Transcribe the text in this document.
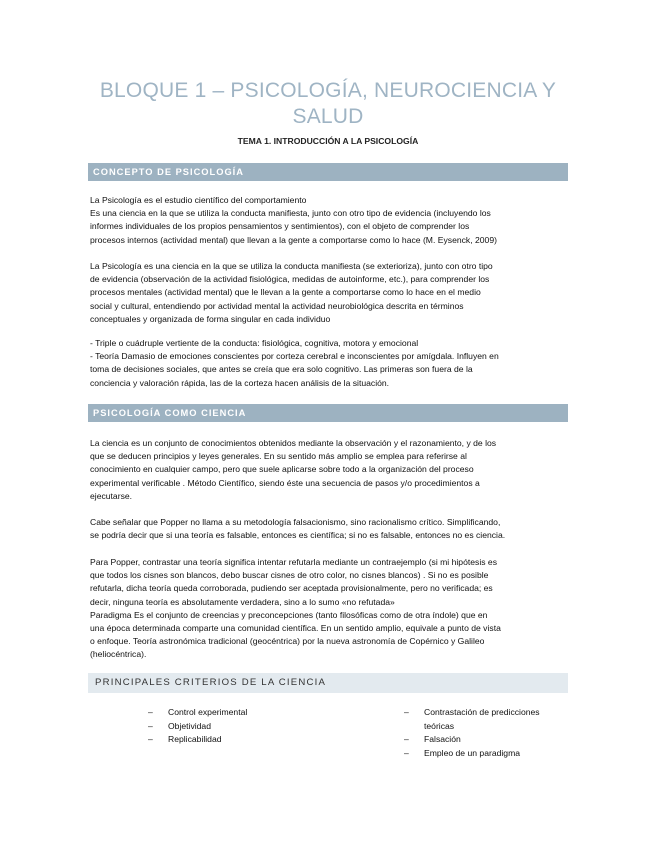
BLOQUE 1 – PSICOLOGÍA, NEUROCIENCIA Y SALUD
TEMA 1. INTRODUCCIÓN A LA PSICOLOGÍA
CONCEPTO DE PSICOLOGÍA
La Psicología es el estudio científico del comportamiento
Es una ciencia en la que se utiliza la conducta manifiesta, junto con otro tipo de evidencia (incluyendo los
informes individuales de los propios pensamientos y sentimientos), con el objeto de comprender los
procesos internos (actividad mental) que llevan a la gente a comportarse como lo hace (M. Eysenck, 2009)
La Psicología es una ciencia en la que se utiliza la conducta manifiesta (se exterioriza), junto con otro tipo
de evidencia (observación de la actividad fisiológica, medidas de autoinforme, etc.), para comprender los
procesos mentales (actividad mental) que le llevan a la gente a comportarse como lo hace en el medio
social y cultural, entendiendo por actividad mental la actividad neurobiológica descrita en términos
conceptuales y organizada de forma singular en cada individuo
- Triple o cuádruple vertiente de la conducta: fisiológica, cognitiva, motora y emocional
- Teoría Damasio de emociones conscientes por corteza cerebral e inconscientes por amígdala. Influyen en
toma de decisiones sociales, que antes se creía que era solo cognitivo. Las primeras son fuera de la
conciencia y valoración rápida, las de la corteza hacen análisis de la situación.
PSICOLOGÍA COMO CIENCIA
La ciencia es un conjunto de conocimientos obtenidos mediante la observación y el razonamiento, y de los
que se deducen principios y leyes generales. En su sentido más amplio se emplea para referirse al
conocimiento en cualquier campo, pero que suele aplicarse sobre todo a la organización del proceso
experimental verificable . Método Científico, siendo éste una secuencia de pasos y/o procedimientos a
ejecutarse.
Cabe señalar que Popper no llama a su metodología falsacionismo, sino racionalismo crítico. Simplificando,
se podría decir que si una teoría es falsable, entonces es científica; si no es falsable, entonces no es ciencia.
Para Popper, contrastar una teoría significa intentar refutarla mediante un contraejemplo (si mi hipótesis es
que todos los cisnes son blancos, debo buscar cisnes de otro color, no cisnes blancos) . Si no es posible
refutarla, dicha teoría queda corroborada, pudiendo ser aceptada provisionalmente, pero no verificada; es
decir, ninguna teoría es absolutamente verdadera, sino a lo sumo «no refutada»
Paradigma Es el conjunto de creencias y preconcepciones (tanto filosóficas como de otra índole) que en
una época determinada comparte una comunidad científica. En un sentido amplio, equivale a punto de vista
o enfoque. Teoría astronómica tradicional (geocéntrica) por la nueva astronomía de Copérnico y Galileo
(heliocéntrica).
PRINCIPALES CRITERIOS DE LA CIENCIA
– Control experimental
– Objetividad
– Replicabilidad
– Contrastación de predicciones
teóricas
– Falsación
– Empleo de un paradigma
